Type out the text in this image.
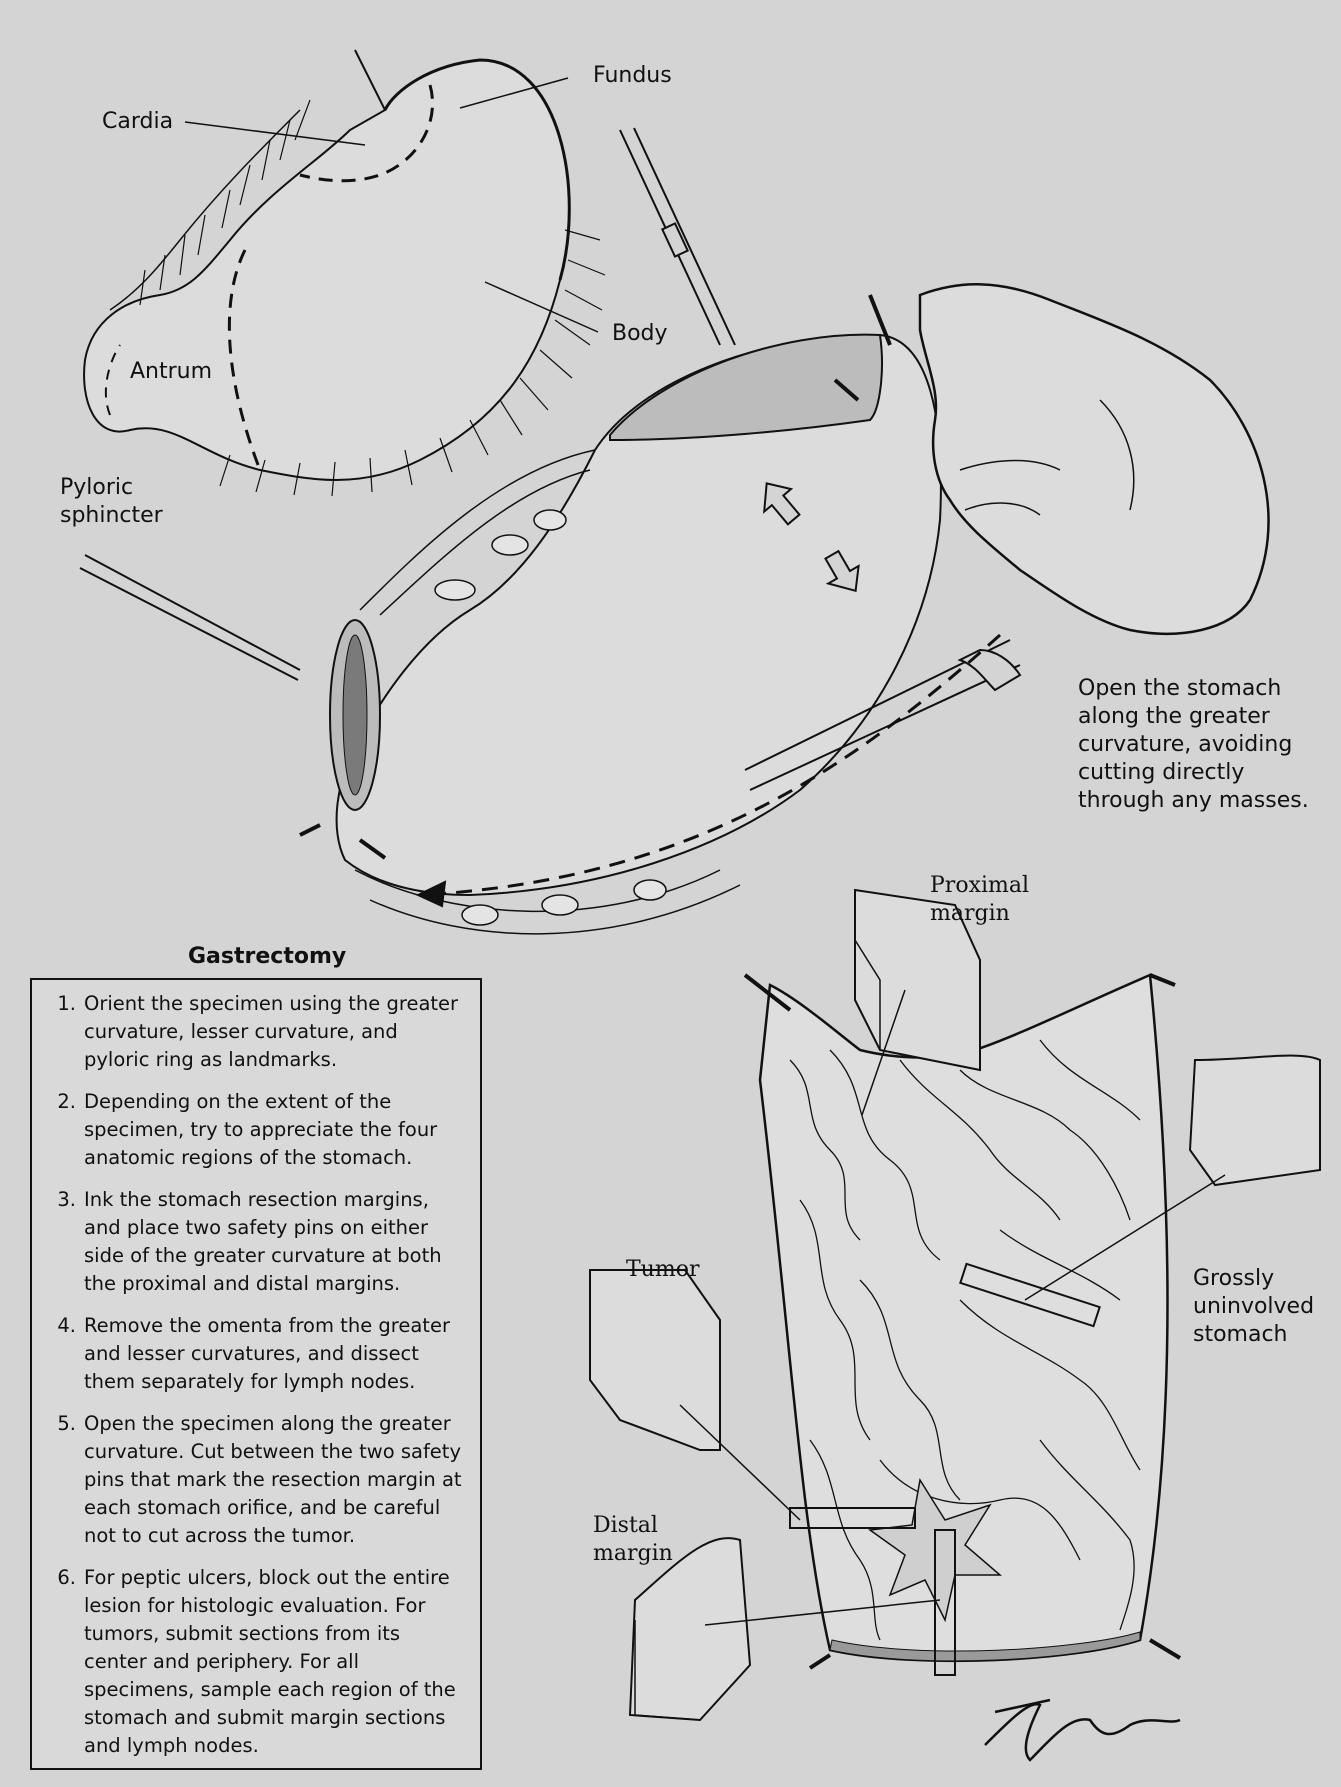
Cardia
Fundus
Body
Antrum
Pyloric sphincter
Proximal margin
Tumor	Grossly uninvolved stomach
Distal margin
Open the stomach along the greater curvature, avoiding cutting directly through any masses.
Gastrectomy
1. Orient the specimen using the greater curvature, lesser curvature, and pyloric ring as landmarks.
2. Depending on the extent of the specimen, try to appreciate the four anatomic regions of the stomach.
3. Ink the stomach resection margins, and place two safety pins on either side of the greater curvature at both the proximal and distal margins.
4. Remove the omenta from the greater and lesser curvatures, and dissect them separately for lymph nodes.
5. Open the specimen along the greater curvature. Cut between the two safety pins that mark the resection margin at each stomach orifice, and be careful not to cut across the tumor.
6. For peptic ulcers, block out the entire lesion for histologic evaluation. For tumors, submit sections from its center and periphery. For all specimens, sample each region of the stomach and submit margin sections and lymph nodes.
